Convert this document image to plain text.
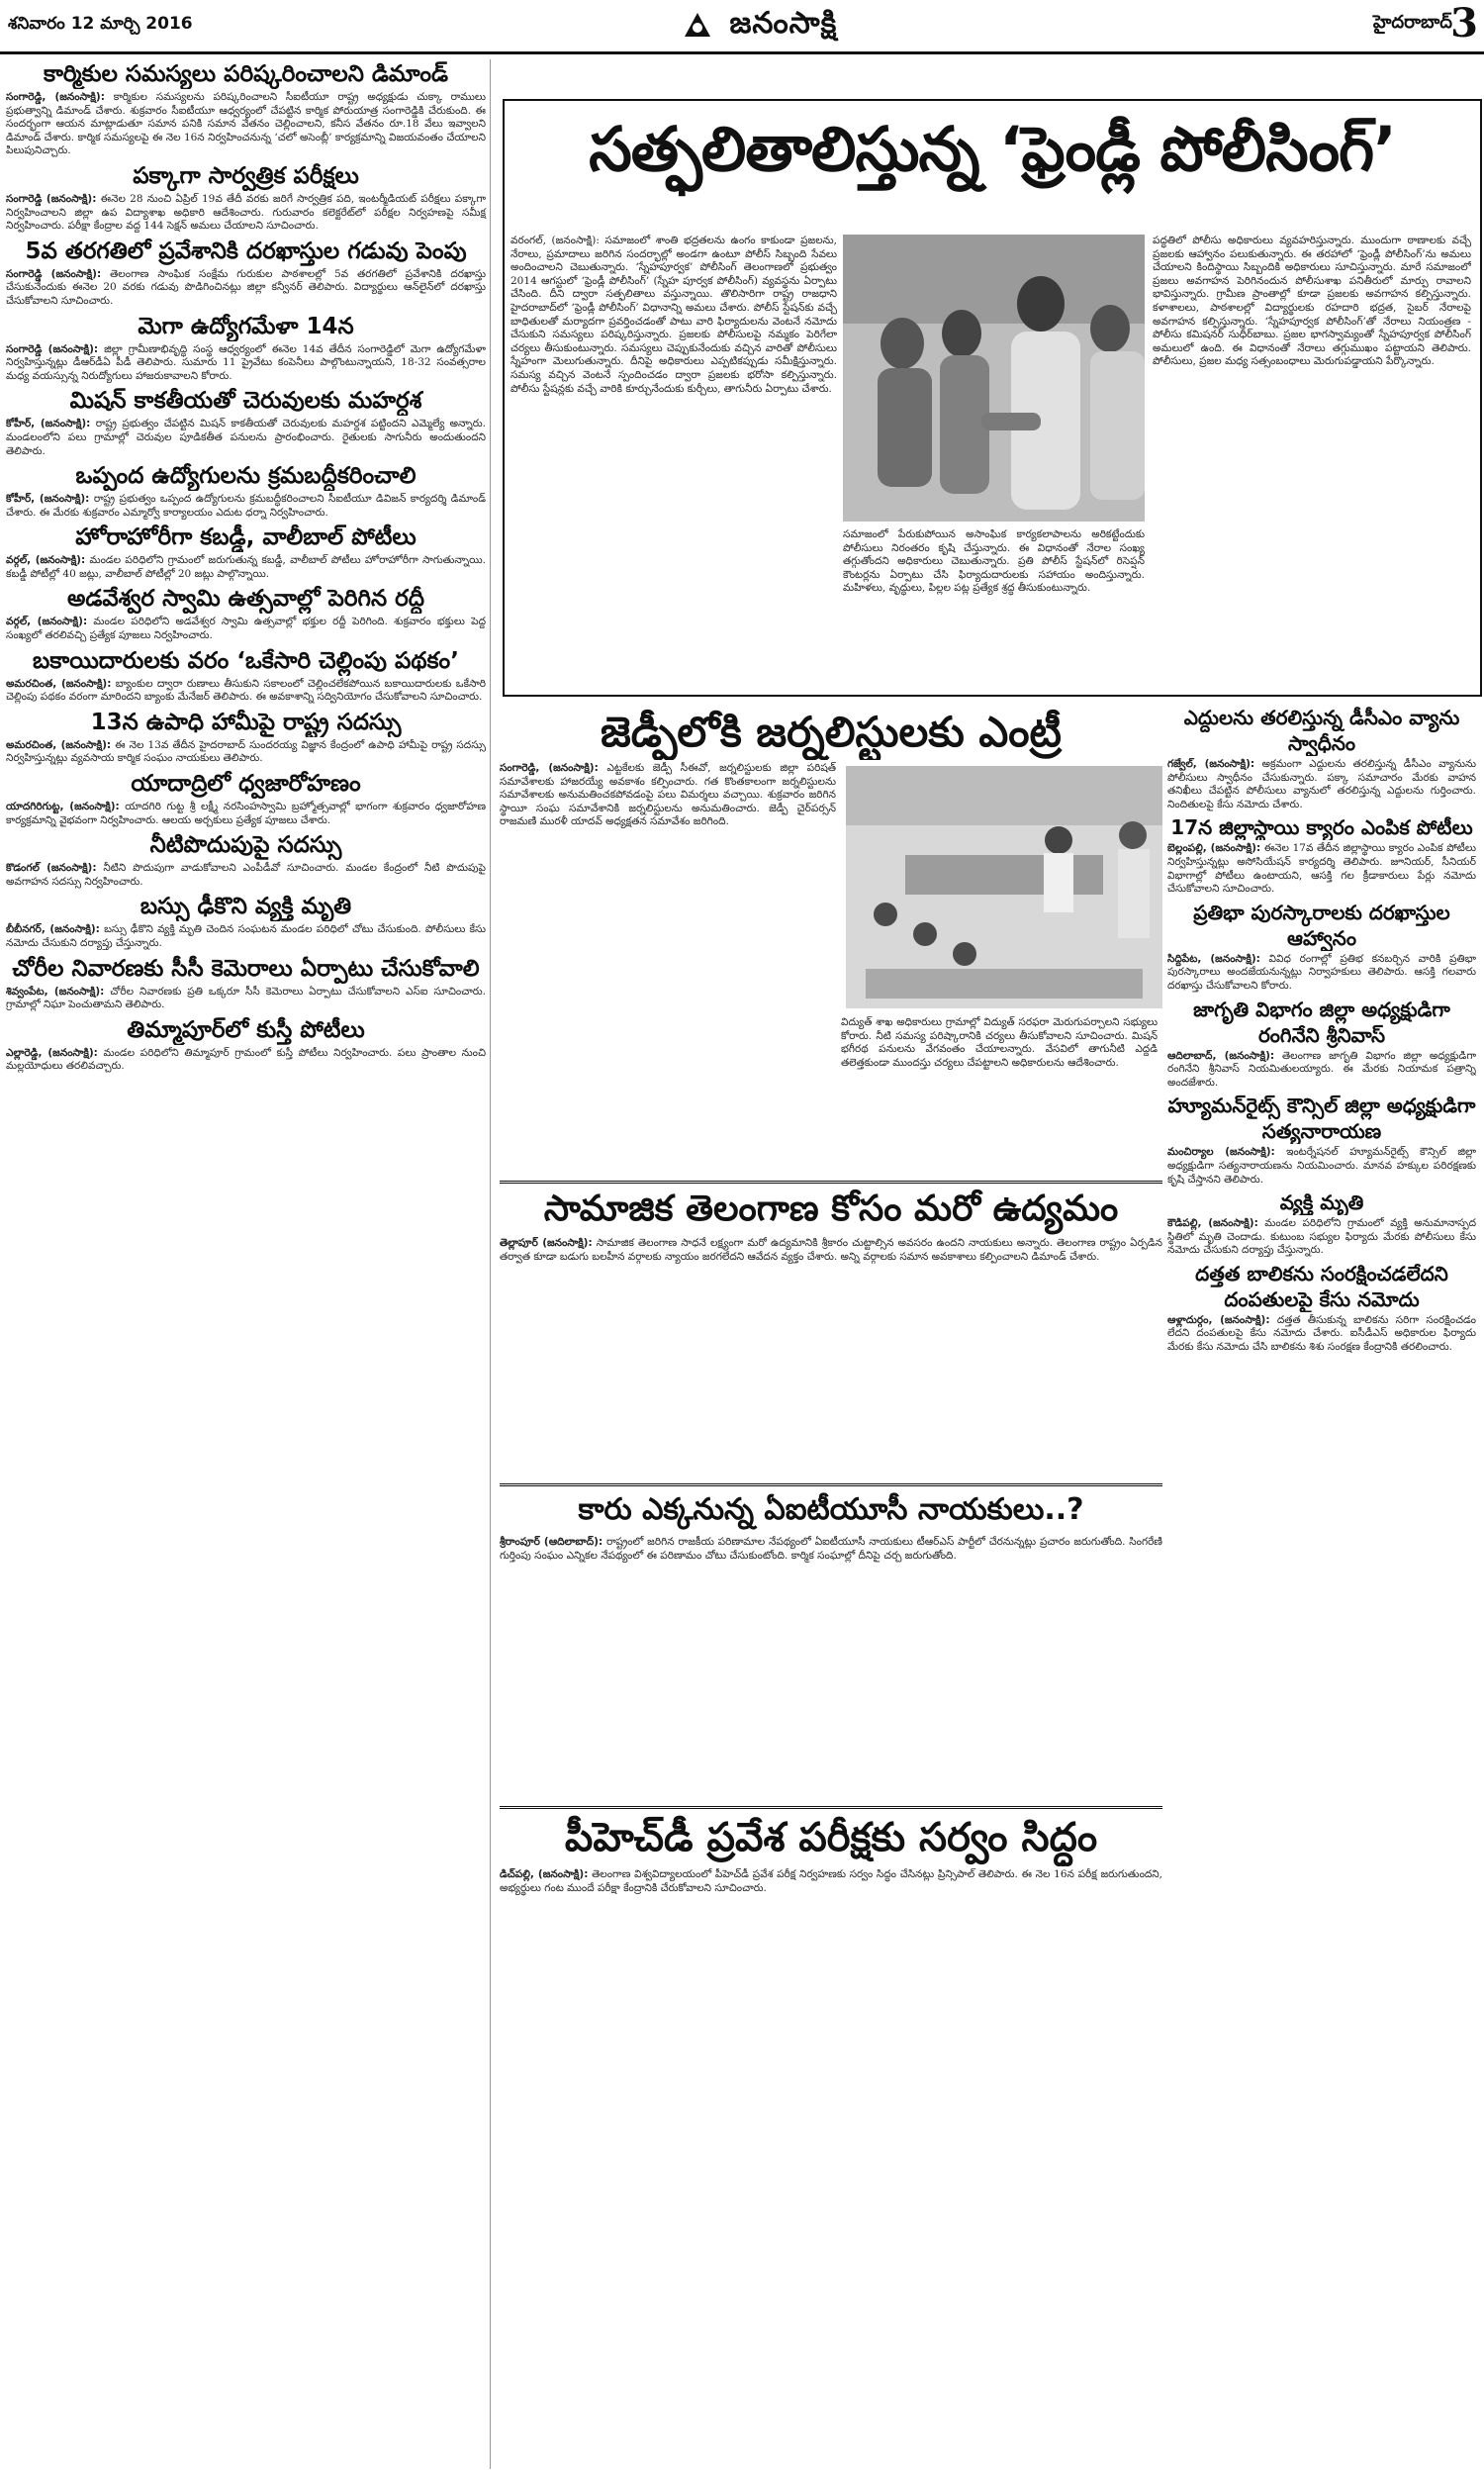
శనివారం 12 మార్చి 2016	జనంసాక్షి	హైదరాబాద్
3
సత్ఫలితాలిస్తున్న ‘ఫ్రెండ్లీ పోలీసింగ్‌’
వరంగల్‌, (జనంసాక్షి): సమాజంలో శాంతి భద్రతలను ఉంగం కాకుండా ప్రజలను, నేరాలు, ప్రమాదాలు జరిగిన సందర్భాల్లో అండగా ఉంటూ పోలీస్‌ సిబ్బంది సేవలు అందించాలని చెబుతున్నారు. ‘స్నేహపూర్వక’ పోలీసింగ్‌ తెలంగాణలో ప్రభుత్వం 2014 ఆగస్టులో ‘ఫ్రెండ్లీ పోలీసింగ్‌’ (స్నేహ పూర్వక పోలీసింగ్‌) వ్యవస్థను ఏర్పాటు చేసింది. దీని ద్వారా సత్ఫలితాలు వస్తున్నాయి. తొలిసారిగా రాష్ట్ర రాజధాని హైదరాబాద్‌లో ‘ఫ్రెండ్లీ పోలీసింగ్‌’ విధానాన్ని అమలు చేశారు. పోలీస్‌ స్టేషన్‌కు వచ్చే బాధితులతో మర్యాదగా ప్రవర్తించడంతో పాటు వారి ఫిర్యాదులను వెంటనే నమోదు చేసుకుని సమస్యలు పరిష్కరిస్తున్నారు. ప్రజలకు పోలీసులపై నమ్మకం పెరిగేలా చర్యలు తీసుకుంటున్నారు. సమస్యలు చెప్పుకునేందుకు వచ్చిన వారితో పోలీసులు స్నేహంగా మెలుగుతున్నారు. దీనిపై అధికారులు ఎప్పటికప్పుడు సమీక్షిస్తున్నారు. సమస్య వచ్చిన వెంటనే స్పందించడం ద్వారా ప్రజలకు భరోసా కల్పిస్తున్నారు. పోలీసు స్టేషన్లకు వచ్చే వారికి కూర్చునేందుకు కుర్చీలు, తాగునీరు ఏర్పాటు చేశారు.
సమాజంలో పేరుకుపోయిన అసాంఘిక కార్యకలాపాలను అరికట్టేందుకు పోలీసులు నిరంతరం కృషి చేస్తున్నారు. ఈ విధానంతో నేరాల సంఖ్య తగ్గుతోందని అధికారులు చెబుతున్నారు. ప్రతి పోలీస్‌ స్టేషన్‌లో రిసెప్షన్‌ కౌంటర్లను ఏర్పాటు చేసి ఫిర్యాదుదారులకు సహాయం అందిస్తున్నారు. మహిళలు, వృద్ధులు, పిల్లల పట్ల ప్రత్యేక శ్రద్ధ తీసుకుంటున్నారు.
పద్ధతిలో పోలీసు అధికారులు వ్యవహరిస్తున్నారు. ముందుగా ఠాణాలకు వచ్చే ప్రజలకు ఆహ్వానం పలుకుతున్నారు. ఈ తరహాలో ‘ఫ్రెండ్లీ పోలీసింగ్‌’ను అమలు చేయాలని కిందిస్థాయి సిబ్బందికి అధికారులు సూచిస్తున్నారు. మారే సమాజంలో ప్రజలు అవగాహన పెరిగినందున పోలీసుశాఖ పనితీరులో మార్పు రావాలని భావిస్తున్నారు. గ్రామీణ ప్రాంతాల్లో కూడా ప్రజలకు అవగాహన కల్పిస్తున్నారు. కళాశాలలు, పాఠశాలల్లో విద్యార్థులకు రహదారి భద్రత, సైబర్‌ నేరాలపై అవగాహన కల్పిస్తున్నారు. ‘స్నేహపూర్వక పోలీసింగ్‌’తో నేరాలు నియంత్రణ - పోలీసు కమిషనర్‌ సుధీర్‌బాబు. ప్రజల భాగస్వామ్యంతో స్నేహపూర్వక పోలీసింగ్‌ అమలులో ఉంది. ఈ విధానంతో నేరాలు తగ్గుముఖం పట్టాయని తెలిపారు. పోలీసులు, ప్రజల మధ్య సత్సంబంధాలు మెరుగుపడ్డాయని పేర్కొన్నారు.
కార్మికుల సమస్యలు పరిష్కరించాలని డిమాండ్‌

సంగారెడ్డి, (జనంసాక్షి): కార్మికుల సమస్యలను పరిష్కరించాలని సీఐటీయూ రాష్ట్ర అధ్యక్షుడు చుక్కా రాములు ప్రభుత్వాన్ని డిమాండ్‌ చేశారు. శుక్రవారం సీఐటీయూ ఆధ్వర్యంలో చేపట్టిన కార్మిక పోరుయాత్ర సంగారెడ్డికి చేరుకుంది. ఈ సందర్భంగా ఆయన మాట్లాడుతూ సమాన పనికి సమాన వేతనం చెల్లించాలని, కనీస వేతనం రూ.18 వేలు ఇవ్వాలని డిమాండ్‌ చేశారు. కార్మిక సమస్యలపై ఈ నెల 16న నిర్వహించనున్న ‘చలో అసెంబ్లీ’ కార్యక్రమాన్ని విజయవంతం చేయాలని పిలుపునిచ్చారు.

పక్కాగా సార్వత్రిక పరీక్షలు

సంగారెడ్డి (జనంసాక్షి): ఈనెల 28 నుంచి ఏప్రిల్‌ 19వ తేదీ వరకు జరిగే సార్వత్రిక పది, ఇంటర్మీడియట్‌ పరీక్షలు పక్కాగా నిర్వహించాలని జిల్లా ఉప విద్యాశాఖ అధికారి ఆదేశించారు. గురువారం కలెక్టరేట్‌లో పరీక్షల నిర్వహణపై సమీక్ష నిర్వహించారు. పరీక్షా కేంద్రాల వద్ద 144 సెక్షన్‌ అమలు చేయాలని సూచించారు.

5వ తరగతిలో ప్రవేశానికి దరఖాస్తుల గడువు పెంపు

సంగారెడ్డి (జనంసాక్షి): తెలంగాణ సాంఘిక సంక్షేమ గురుకుల పాఠశాలల్లో 5వ తరగతిలో ప్రవేశానికి దరఖాస్తు చేసుకునేందుకు ఈనెల 20 వరకు గడువు పొడిగించినట్లు జిల్లా కన్వీనర్‌ తెలిపారు. విద్యార్థులు ఆన్‌లైన్‌లో దరఖాస్తు చేసుకోవాలని సూచించారు.

మెగా ఉద్యోగమేళా 14న

సంగారెడ్డి (జనంసాక్షి): జిల్లా గ్రామీణాభివృద్ధి సంస్థ ఆధ్వర్యంలో ఈనెల 14వ తేదీన సంగారెడ్డిలో మెగా ఉద్యోగమేళా నిర్వహిస్తున్నట్లు డీఆర్‌డీఏ పీడీ తెలిపారు. సుమారు 11 ప్రైవేటు కంపెనీలు పాల్గొంటున్నాయని, 18-32 సంవత్సరాల మధ్య వయస్సున్న నిరుద్యోగులు హాజరుకావాలని కోరారు.

మిషన్‌ కాకతీయతో చెరువులకు మహర్దశ

కోహీర్‌, (జనంసాక్షి): రాష్ట్ర ప్రభుత్వం చేపట్టిన మిషన్‌ కాకతీయతో చెరువులకు మహర్దశ పట్టిందని ఎమ్మెల్యే అన్నారు. మండలంలోని పలు గ్రామాల్లో చెరువుల పూడికతీత పనులను ప్రారంభించారు. రైతులకు సాగునీరు అందుతుందని తెలిపారు.

ఒప్పంద ఉద్యోగులను క్రమబద్ధీకరించాలి

కోహీర్‌, (జనంసాక్షి): రాష్ట్ర ప్రభుత్వం ఒప్పంద ఉద్యోగులను క్రమబద్ధీకరించాలని సీఐటీయూ డివిజన్‌ కార్యదర్శి డిమాండ్‌ చేశారు. ఈ మేరకు శుక్రవారం ఎమ్మార్వో కార్యాలయం ఎదుట ధర్నా నిర్వహించారు.

హోరాహోరీగా కబడ్డీ, వాలీబాల్‌ పోటీలు

వర్గల్‌, (జనంసాక్షి): మండల పరిధిలోని గ్రామంలో జరుగుతున్న కబడ్డీ, వాలీబాల్‌ పోటీలు హోరాహోరీగా సాగుతున్నాయి. కబడ్డీ పోటీల్లో 40 జట్లు, వాలీబాల్‌ పోటీల్లో 20 జట్లు పాల్గొన్నాయి.

అడవేశ్వర స్వామి ఉత్సవాల్లో పెరిగిన రద్దీ

వర్గల్‌, (జనంసాక్షి): మండల పరిధిలోని అడవేశ్వర స్వామి ఉత్సవాల్లో భక్తుల రద్దీ పెరిగింది. శుక్రవారం భక్తులు పెద్ద సంఖ్యలో తరలివచ్చి ప్రత్యేక పూజలు నిర్వహించారు.

బకాయిదారులకు వరం ‘ఒకేసారి చెల్లింపు పథకం’

అమరచింత, (జనంసాక్షి): బ్యాంకుల ద్వారా రుణాలు తీసుకుని సకాలంలో చెల్లించలేకపోయిన బకాయిదారులకు ఒకేసారి చెల్లింపు పథకం వరంగా మారిందని బ్యాంకు మేనేజర్‌ తెలిపారు. ఈ అవకాశాన్ని సద్వినియోగం చేసుకోవాలని సూచించారు.

13న ఉపాధి హామీపై రాష్ట్ర సదస్సు

అమరచింత, (జనంసాక్షి): ఈ నెల 13వ తేదీన హైదరాబాద్‌ సుందరయ్య విజ్ఞాన కేంద్రంలో ఉపాధి హామీపై రాష్ట్ర సదస్సు నిర్వహిస్తున్నట్లు వ్యవసాయ కార్మిక సంఘం నాయకులు తెలిపారు.

యాదాద్రిలో ధ్వజారోహణం

యాదగిరిగుట్ట, (జనంసాక్షి): యాదగిరి గుట్ట శ్రీ లక్ష్మీ నరసింహస్వామి బ్రహ్మోత్సవాల్లో భాగంగా శుక్రవారం ధ్వజారోహణ కార్యక్రమాన్ని వైభవంగా నిర్వహించారు. ఆలయ అర్చకులు ప్రత్యేక పూజలు చేశారు.

నీటిపొదుపుపై సదస్సు

కొడంగల్‌ (జనంసాక్షి): నీటిని పొదుపుగా వాడుకోవాలని ఎంపీడీవో సూచించారు. మండల కేంద్రంలో నీటి పొదుపుపై అవగాహన సదస్సు నిర్వహించారు.

బస్సు ఢీకొని వ్యక్తి మృతి

బీబీనగర్‌, (జనంసాక్షి): బస్సు ఢీకొని వ్యక్తి మృతి చెందిన సంఘటన మండల పరిధిలో చోటు చేసుకుంది. పోలీసులు కేసు నమోదు చేసుకుని దర్యాప్తు చేస్తున్నారు.

చోరీల నివారణకు సీసీ కెమెరాలు ఏర్పాటు చేసుకోవాలి

శివ్వంపేట, (జనంసాక్షి): చోరీల నివారణకు ప్రతి ఒక్కరూ సీసీ కెమెరాలు ఏర్పాటు చేసుకోవాలని ఎస్‌ఐ సూచించారు. గ్రామాల్లో నిఘా పెంచుతామని తెలిపారు.

తిమ్మాపూర్‌లో కుస్తీ పోటీలు

ఎల్లారెడ్డి, (జనంసాక్షి): మండల పరిధిలోని తిమ్మాపూర్‌ గ్రామంలో కుస్తీ పోటీలు నిర్వహించారు. పలు ప్రాంతాల నుంచి మల్లయోధులు తరలివచ్చారు.

జెడ్పీలోకి జర్నలిస్టులకు ఎంట్రీ

సంగారెడ్డి, (జనంసాక్షి): ఎట్టకేలకు జెడ్పీ సీఈవో, జర్నలిస్టులకు జిల్లా పరిషత్‌ సమావేశాలకు హాజరయ్యే అవకాశం కల్పించారు. గత కొంతకాలంగా జర్నలిస్టులను సమావేశాలకు అనుమతించకపోవడంపై పలు విమర్శలు వచ్చాయి. శుక్రవారం జరిగిన స్థాయీ సంఘ సమావేశానికి జర్నలిస్టులను అనుమతించారు. జెడ్పీ చైర్‌పర్సన్‌ రాజమణి మురళీ యాదవ్‌ అధ్యక్షతన సమావేశం జరిగింది.

విద్యుత్‌ శాఖ అధికారులు గ్రామాల్లో విద్యుత్‌ సరఫరా మెరుగుపర్చాలని సభ్యులు కోరారు. నీటి సమస్య పరిష్కారానికి చర్యలు తీసుకోవాలని సూచించారు. మిషన్‌ భగీరథ పనులను వేగవంతం చేయాలన్నారు. వేసవిలో తాగునీటి ఎద్దడి తలెత్తకుండా ముందస్తు చర్యలు చేపట్టాలని అధికారులను ఆదేశించారు.

సామాజిక తెలంగాణ కోసం మరో ఉద్యమం

తెల్లాపూర్‌ (జనంసాక్షి): సామాజిక తెలంగాణ సాధనే లక్ష్యంగా మరో ఉద్యమానికి శ్రీకారం చుట్టాల్సిన అవసరం ఉందని నాయకులు అన్నారు. తెలంగాణ రాష్ట్రం ఏర్పడిన తర్వాత కూడా బడుగు బలహీన వర్గాలకు న్యాయం జరగలేదని ఆవేదన వ్యక్తం చేశారు. అన్ని వర్గాలకు సమాన అవకాశాలు కల్పించాలని డిమాండ్‌ చేశారు.

కారు ఎక్కనున్న ఏఐటీయూసీ నాయకులు..?

శ్రీరాంపూర్‌ (ఆదిలాబాద్‌): రాష్ట్రంలో జరిగిన రాజకీయ పరిణామాల నేపథ్యంలో ఏఐటీయూసీ నాయకులు టీఆర్‌ఎస్‌ పార్టీలో చేరనున్నట్లు ప్రచారం జరుగుతోంది. సింగరేణి గుర్తింపు సంఘం ఎన్నికల నేపథ్యంలో ఈ పరిణామం చోటు చేసుకుంటోంది. కార్మిక సంఘాల్లో దీనిపై చర్చ జరుగుతోంది.

పీహెచ్‌డీ ప్రవేశ పరీక్షకు సర్వం సిద్ధం

డిచ్‌పల్లి, (జనంసాక్షి): తెలంగాణ విశ్వవిద్యాలయంలో పీహెచ్‌డీ ప్రవేశ పరీక్ష నిర్వహణకు సర్వం సిద్ధం చేసినట్లు ప్రిన్సిపాల్‌ తెలిపారు. ఈ నెల 16న పరీక్ష జరుగుతుందని, అభ్యర్థులు గంట ముందే పరీక్షా కేంద్రానికి చేరుకోవాలని సూచించారు.

ఎద్దులను తరలిస్తున్న డీసీఎం వ్యాను స్వాధీనం

గజ్వేల్‌, (జనంసాక్షి): అక్రమంగా ఎద్దులను తరలిస్తున్న డీసీఎం వ్యానును పోలీసులు స్వాధీనం చేసుకున్నారు. పక్కా సమాచారం మేరకు వాహన తనిఖీలు చేపట్టిన పోలీసులు వ్యానులో తరలిస్తున్న ఎద్దులను గుర్తించారు. నిందితులపై కేసు నమోదు చేశారు.

17న జిల్లాస్థాయి క్యారం ఎంపిక పోటీలు

బెల్లంపల్లి, (జనంసాక్షి): ఈనెల 17వ తేదీన జిల్లాస్థాయి క్యారం ఎంపిక పోటీలు నిర్వహిస్తున్నట్లు అసోసియేషన్‌ కార్యదర్శి తెలిపారు. జూనియర్‌, సీనియర్‌ విభాగాల్లో పోటీలు ఉంటాయని, ఆసక్తి గల క్రీడాకారులు పేర్లు నమోదు చేసుకోవాలని సూచించారు.

ప్రతిభా పురస్కారాలకు దరఖాస్తుల ఆహ్వానం

సిద్దిపేట, (జనంసాక్షి): వివిధ రంగాల్లో ప్రతిభ కనబర్చిన వారికి ప్రతిభా పురస్కారాలు అందజేయనున్నట్లు నిర్వాహకులు తెలిపారు. ఆసక్తి గలవారు దరఖాస్తు చేసుకోవాలని కోరారు.

జాగృతి విభాగం జిల్లా అధ్యక్షుడిగా రంగినేని శ్రీనివాస్‌

ఆదిలాబాద్‌, (జనంసాక్షి): తెలంగాణ జాగృతి విభాగం జిల్లా అధ్యక్షుడిగా రంగినేని శ్రీనివాస్‌ నియమితులయ్యారు. ఈ మేరకు నియామక పత్రాన్ని అందజేశారు.

హ్యూమన్‌రైట్స్‌ కౌన్సిల్‌ జిల్లా అధ్యక్షుడిగా సత్యనారాయణ

మంచిర్యాల (జనంసాక్షి): ఇంటర్నేషనల్‌ హ్యూమన్‌రైట్స్‌ కౌన్సిల్‌ జిల్లా అధ్యక్షుడిగా సత్యనారాయణను నియమించారు. మానవ హక్కుల పరిరక్షణకు కృషి చేస్తానని తెలిపారు.

వ్యక్తి మృతి

కౌడిపల్లి, (జనంసాక్షి): మండల పరిధిలోని గ్రామంలో వ్యక్తి అనుమానాస్పద స్థితిలో మృతి చెందాడు. కుటుంబ సభ్యుల ఫిర్యాదు మేరకు పోలీసులు కేసు నమోదు చేసుకుని దర్యాప్తు చేస్తున్నారు.

దత్తత బాలికను సంరక్షించడలేదని దంపతులపై కేసు నమోదు

ఆళ్లాదుర్గం, (జనంసాక్షి): దత్తత తీసుకున్న బాలికను సరిగా సంరక్షించడం లేదని దంపతులపై కేసు నమోదు చేశారు. ఐసీడీఎస్‌ అధికారుల ఫిర్యాదు మేరకు కేసు నమోదు చేసి బాలికను శిశు సంరక్షణ కేంద్రానికి తరలించారు.
